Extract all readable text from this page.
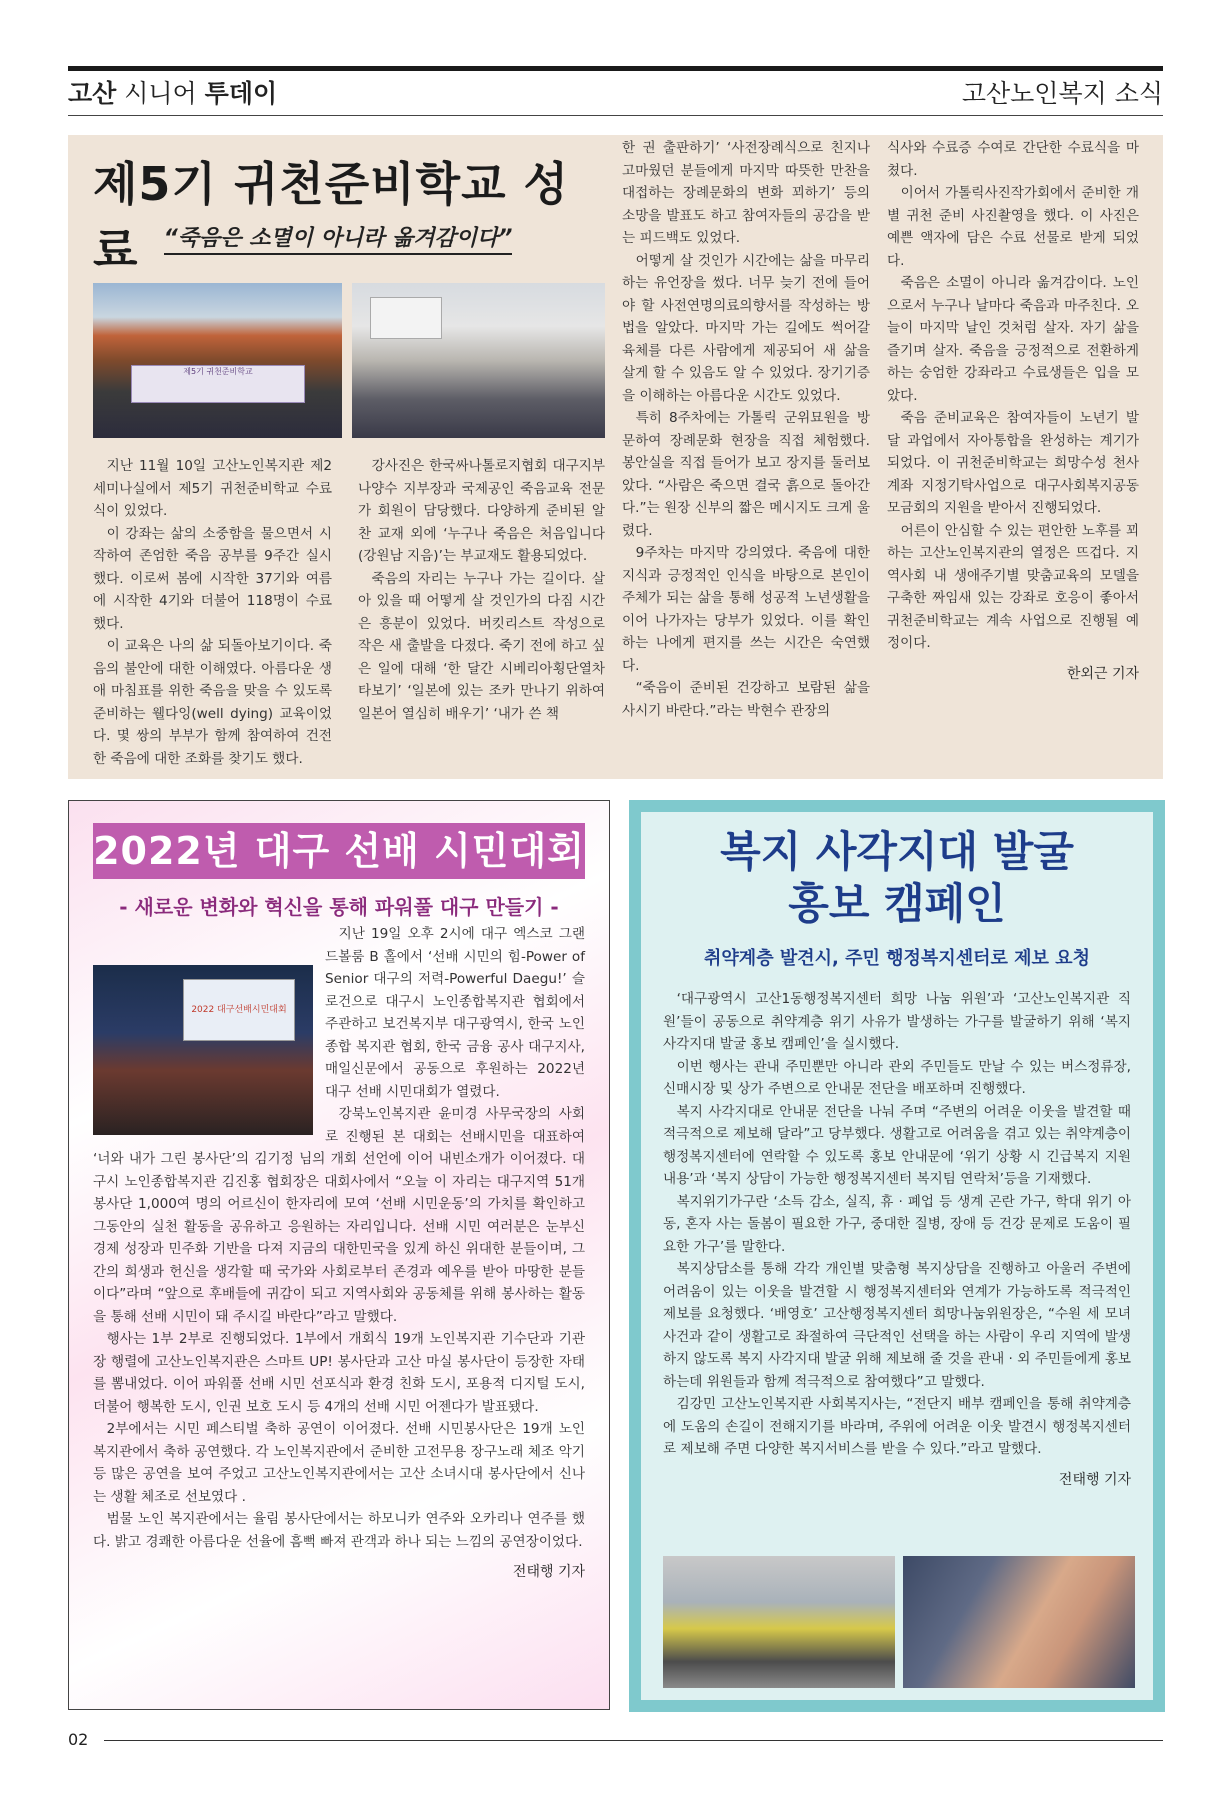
고산 시니어 투데이	고산노인복지 소식
제5기 귀천준비학교 성료	“죽음은 소멸이 아니라 옮겨감이다”
제5기 귀천준비학교

지난 11월 10일 고산노인복지관 제2세미나실에서 제5기 귀천준비학교 수료식이 있었다.

이 강좌는 삶의 소중함을 물으면서 시작하여 존엄한 죽음 공부를 9주간 실시했다. 이로써 봄에 시작한 37기와 여름에 시작한 4기와 더불어 118명이 수료했다.

이 교육은 나의 삶 되돌아보기이다. 죽음의 불안에 대한 이해였다. 아름다운 생애 마침표를 위한 죽음을 맞을 수 있도록 준비하는 웰다잉(well dying) 교육이었다. 몇 쌍의 부부가 함께 참여하여 건전한 죽음에 대한 조화를 찾기도 했다.

강사진은 한국싸나톨로지협회 대구지부 나양수 지부장과 국제공인 죽음교육 전문가 회원이 담당했다. 다양하게 준비된 알찬 교재 외에 ‘누구나 죽음은 처음입니다(강원남 지음)’는 부교재도 활용되었다.

죽음의 자리는 누구나 가는 길이다. 살아 있을 때 어떻게 살 것인가의 다짐 시간은 흥분이 있었다. 버킷리스트 작성으로 작은 새 출발을 다졌다. 죽기 전에 하고 싶은 일에 대해 ‘한 달간 시베리아횡단열차 타보기’ ‘일본에 있는 조카 만나기 위하여 일본어 열심히 배우기’ ‘내가 쓴 책

한 권 출판하기’ ‘사전장례식으로 친지나 고마웠던 분들에게 마지막 따뜻한 만찬을 대접하는 장례문화의 변화 꾀하기’ 등의 소망을 발표도 하고 참여자들의 공감을 받는 피드백도 있었다.

어떻게 살 것인가 시간에는 삶을 마무리하는 유언장을 썼다. 너무 늦기 전에 들어야 할 사전연명의료의향서를 작성하는 방법을 알았다. 마지막 가는 길에도 썩어갈 육체를 다른 사람에게 제공되어 새 삶을 살게 할 수 있음도 알 수 있었다. 장기기증을 이해하는 아름다운 시간도 있었다.

특히 8주차에는 가톨릭 군위묘원을 방문하여 장례문화 현장을 직접 체험했다. 봉안실을 직접 들어가 보고 장지를 둘러보았다. “사람은 죽으면 결국 흙으로 돌아간다.”는 원장 신부의 짧은 메시지도 크게 울렸다.

9주차는 마지막 강의였다. 죽음에 대한 지식과 긍정적인 인식을 바탕으로 본인이 주체가 되는 삶을 통해 성공적 노년생활을 이어 나가자는 당부가 있었다. 이를 확인하는 나에게 편지를 쓰는 시간은 숙연했다.

“죽음이 준비된 건강하고 보람된 삶을 사시기 바란다.”라는 박현수 관장의

식사와 수료증 수여로 간단한 수료식을 마쳤다.

이어서 가톨릭사진작가회에서 준비한 개별 귀천 준비 사진촬영을 했다. 이 사진은 예쁜 액자에 담은 수료 선물로 받게 되었다.

죽음은 소멸이 아니라 옮겨감이다. 노인으로서 누구나 날마다 죽음과 마주친다. 오늘이 마지막 날인 것처럼 살자. 자기 삶을 즐기며 살자. 죽음을 긍정적으로 전환하게 하는 숭엄한 강좌라고 수료생들은 입을 모았다.

죽음 준비교육은 참여자들이 노년기 발달 과업에서 자아통합을 완성하는 계기가 되었다. 이 귀천준비학교는 희망수성 천사 계좌 지정기탁사업으로 대구사회복지공동모금회의 지원을 받아서 진행되었다.

어른이 안심할 수 있는 편안한 노후를 꾀하는 고산노인복지관의 열정은 뜨겁다. 지역사회 내 생애주기별 맞춤교육의 모델을 구축한 짜임새 있는 강좌로 호응이 좋아서 귀천준비학교는 계속 사업으로 진행될 예정이다.

한외근 기자
2022년 대구 선배 시민대회
- 새로운 변화와 혁신을 통해 파워풀 대구 만들기 -
2022 대구선배시민대회

지난 19일 오후 2시에 대구 엑스코 그랜드볼룸 B 홀에서 ‘선배 시민의 힘-Power of Senior 대구의 저력-Powerful Daegu!’ 슬로건으로 대구시 노인종합복지관 협회에서 주관하고 보건복지부 대구광역시, 한국 노인 종합 복지관 협회, 한국 금융 공사 대구지사, 매일신문에서 공동으로 후원하는 2022년 대구 선배 시민대회가 열렸다.

강북노인복지관 윤미경 사무국장의 사회로 진행된 본 대회는 선배시민을 대표하여 ‘너와 내가 그린 봉사단’의 김기정 님의 개회 선언에 이어 내빈소개가 이어졌다. 대구시 노인종합복지관 김진홍 협회장은 대회사에서 “오늘 이 자리는 대구지역 51개 봉사단 1,000여 명의 어르신이 한자리에 모여 ‘선배 시민운동’의 가치를 확인하고 그동안의 실천 활동을 공유하고 응원하는 자리입니다. 선배 시민 여러분은 눈부신 경제 성장과 민주화 기반을 다져 지금의 대한민국을 있게 하신 위대한 분들이며, 그간의 희생과 헌신을 생각할 때 국가와 사회로부터 존경과 예우를 받아 마땅한 분들이다”라며 “앞으로 후배들에 귀감이 되고 지역사회와 공동체를 위해 봉사하는 활동을 통해 선배 시민이 돼 주시길 바란다”라고 말했다.

행사는 1부 2부로 진행되었다. 1부에서 개회식 19개 노인복지관 기수단과 기관장 행렬에 고산노인복지관은 스마트 UP! 봉사단과 고산 마실 봉사단이 등장한 자태를 뽐내었다. 이어 파워풀 선배 시민 선포식과 환경 친화 도시, 포용적 디지털 도시, 더불어 행복한 도시, 인권 보호 도시 등 4개의 선배 시민 어젠다가 발표됐다.

2부에서는 시민 페스티벌 축하 공연이 이어졌다. 선배 시민봉사단은 19개 노인 복지관에서 축하 공연했다. 각 노인복지관에서 준비한 고전무용 장구노래 체조 악기 등 많은 공연을 보여 주었고 고산노인복지관에서는 고산 소녀시대 봉사단에서 신나는 생활 체조로 선보였다 .

범물 노인 복지관에서는 율림 봉사단에서는 하모니카 연주와 오카리나 연주를 했다. 밝고 경쾌한 아름다운 선율에 흠뻑 빠져 관객과 하나 되는 느낌의 공연장이었다.

전태행 기자
복지 사각지대 발굴
홍보 캠페인
취약계층 발견시, 주민 행정복지센터로 제보 요청

‘대구광역시 고산1동행정복지센터 희망 나눔 위원’과 ‘고산노인복지관 직원’들이 공동으로 취약계층 위기 사유가 발생하는 가구를 발굴하기 위해 ‘복지 사각지대 발굴 홍보 캠페인’을 실시했다.

이번 행사는 관내 주민뿐만 아니라 관외 주민들도 만날 수 있는 버스정류장, 신매시장 및 상가 주변으로 안내문 전단을 배포하며 진행했다.

복지 사각지대로 안내문 전단을 나눠 주며 “주변의 어려운 이웃을 발견할 때 적극적으로 제보해 달라”고 당부했다. 생활고로 어려움을 겪고 있는 취약계층이 행정복지센터에 연락할 수 있도록 홍보 안내문에 ‘위기 상황 시 긴급복지 지원 내용’과 ‘복지 상담이 가능한 행정복지센터 복지팀 연락처’등을 기재했다.

복지위기가구란 ‘소득 감소, 실직, 휴 · 폐업 등 생계 곤란 가구, 학대 위기 아동, 혼자 사는 돌봄이 필요한 가구, 중대한 질병, 장애 등 건강 문제로 도움이 필요한 가구’를 말한다.

복지상담소를 통해 각각 개인별 맞춤형 복지상담을 진행하고 아울러 주변에 어려움이 있는 이웃을 발견할 시 행정복지센터와 연계가 가능하도록 적극적인 제보를 요청했다. ‘배영호’ 고산행정복지센터 희망나눔위원장은, “수원 세 모녀 사건과 같이 생활고로 좌절하여 극단적인 선택을 하는 사람이 우리 지역에 발생하지 않도록 복지 사각지대 발굴 위해 제보해 줄 것을 관내 · 외 주민들에게 홍보하는데 위원들과 함께 적극적으로 참여했다”고 말했다.

김강민 고산노인복지관 사회복지사는, “전단지 배부 캠페인을 통해 취약계층에 도움의 손길이 전해지기를 바라며, 주위에 어려운 이웃 발견시 행정복지센터로 제보해 주면 다양한 복지서비스를 받을 수 있다.”라고 말했다.

전태행 기자
02
